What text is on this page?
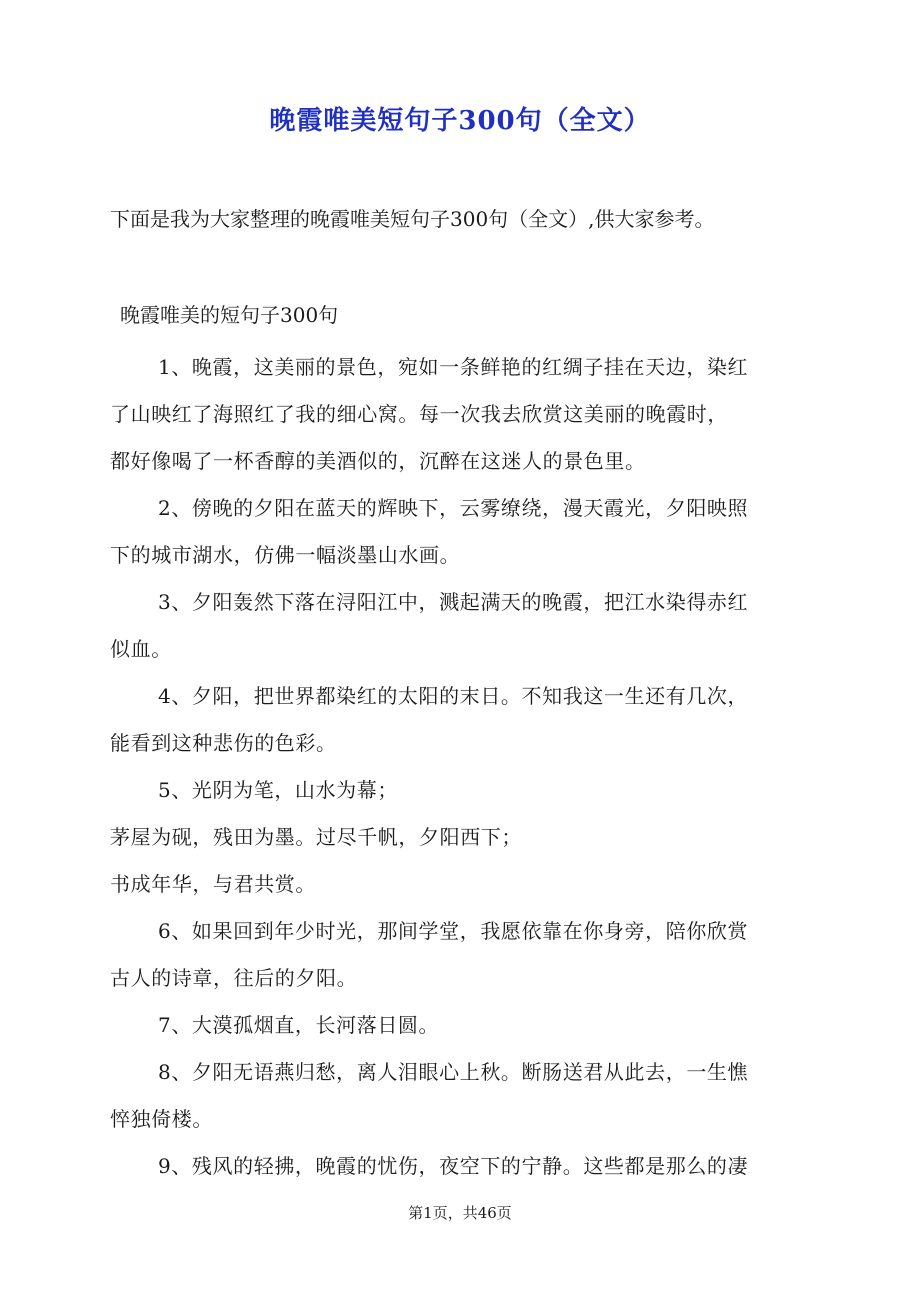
晚霞唯美短句子300句（全文）
下面是我为大家整理的晚霞唯美短句子300句（全文）,供大家参考。
晚霞唯美的短句子300句
1、晚霞，这美丽的景色，宛如一条鲜艳的红绸子挂在天边，染红
了山映红了海照红了我的细心窝。每一次我去欣赏这美丽的晚霞时，
都好像喝了一杯香醇的美酒似的，沉醉在这迷人的景色里。
2、傍晚的夕阳在蓝天的辉映下，云雾缭绕，漫天霞光，夕阳映照
下的城市湖水，仿佛一幅淡墨山水画。
3、夕阳轰然下落在浔阳江中，溅起满天的晚霞，把江水染得赤红
似血。
4、夕阳，把世界都染红的太阳的末日。不知我这一生还有几次，
能看到这种悲伤的色彩。
5、光阴为笔，山水为幕；
茅屋为砚，残田为墨。过尽千帆，夕阳西下；
书成年华，与君共赏。
6、如果回到年少时光，那间学堂，我愿依靠在你身旁，陪你欣赏
古人的诗章，往后的夕阳。
7、大漠孤烟直，长河落日圆。
8、夕阳无语燕归愁，离人泪眼心上秋。断肠送君从此去，一生憔
悴独倚楼。
9、残风的轻拂，晚霞的忧伤，夜空下的宁静。这些都是那么的凄
第1页，共46页
